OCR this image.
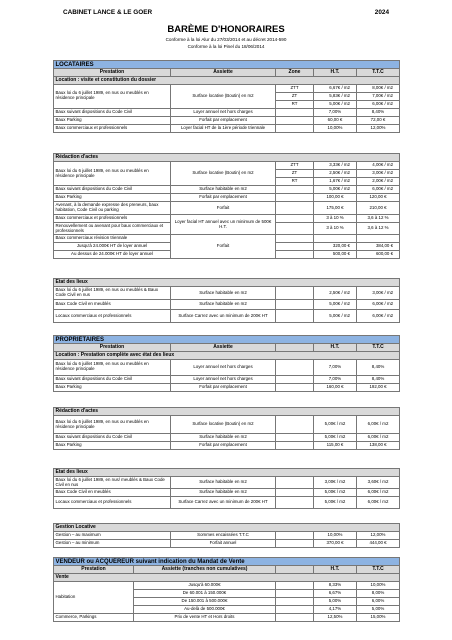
CABINET LANCE & LE GOER	2024
BARÈME D'HONORAIRES
Conforme à la loi Alur du 27/03/2014 et au décret 2014-590
Conforme à la loi Pinel du 18/06/2014
LOCATAIRES				
Prestation	Assiette	Zone	H.T.	T.T.C
Location : visite et constitution du dossier				
Baux loi du 6 juillet 1989, en nus ou meublés en résidence principale	Surface locative (Boutin) en m2	ZTT	6,67€ / m2	8,00€ / m2
		ZT	5,83€ / m2	7,00€ / m2
		RT	5,00€ / m2	6,00€ / m2
Baux suivant dispositions du Code Civil	Loyer annuel net hors charges		7,00%	8,40%
Baux Parking	Forfait par emplacement		60,00 €	72,00 €
Baux commerciaux et professionnels	Loyer facial HT de la 1ère période triennale		10,00%	12,00%
Rédaction d'actes				
Baux loi du 6 juillet 1989, en nus ou meublés en résidence principale	Surface locative (Boutin) en m2	ZTT	3,33€ / m2	4,00€ / m2
		ZT	2,50€ / m2	3,00€ / m2
		RT	1,67€ / m2	2,00€ / m2
Baux suivant dispositions du Code Civil	Surface habitable en m2		5,00€ / m2	6,00€ / m2
Baux Parking	Forfait par emplacement		100,00 €	120,00 €
Avenant, à la demande expresse des preneurs, baux habitation, Code Civil ou parking	Forfait		175,00 €	210,00 €
Baux commerciaux et professionnels	Loyer facial HT annuel avec un minimum de 500€ H.T.		3 à 10 %	3,6 à 12 %
Renouvellement ou avenant pour baux commerciaux et professionnels			3 à 10 %	3,6 à 12 %
Baux commerciaux révision triennale	Forfait			
Jusqu'à 24.000€ HT de loyer annuel			320,00 €	384,00 €
Au dessus de 24.000€ HT de loyer annuel			500,00 €	600,00 €
État des lieux				
Baux loi du 6 juillet 1989, en nus ou meublés & Baux Code Civil en nus	Surface habitable en m2		2,50€ / m2	3,00€ / m2
Baux Code Civil en meublés	Surface habitable en m2		5,00€ / m2	6,00€ / m2
Locaux commerciaux et professionnels	Surface Carrez avec un minimum de 200€ HT		5,00€ / m2	6,00€ / m2
PROPRIÉTAIRES				
Prestation	Assiette		H.T.	T.T.C
Location : Prestation complète avec état des lieux				
Baux loi du 6 juillet 1989, en nus ou meublés en résidence principale	Loyer annuel net hors charges		7,00%	8,40%
Baux suivant dispositions du Code Civil	Loyer annuel net hors charges		7,00%	8,40%
Baux Parking	Forfait par emplacement		160,00 €	192,00 €
Rédaction d'actes				
Baux loi du 6 juillet 1989, en nus ou meublés en résidence principale	Surface locative (Boutin) en m2		5,00€ / m2	6,00€ / m2
Baux suivant dispositions du Code Civil	Surface habitable en m2		5,00€ / m2	6,00€ / m2
Baux Parking	Forfait par emplacement		115,00 €	138,00 €
État des lieux				
Baux loi du 6 juillet 1989, en nus/ meublés & Baux Code Civil en nus	Surface habitable en m2		3,00€ / m2	3,60€ / m2
Baux Code Civil en meublés	Surface habitable en m2		5,00€ / m2	6,00€ / m2
Locaux commerciaux et professionnels	Surface Carrez avec un minimum de 200€ HT		5,00€ / m2	6,00€ / m2
Gestion Locative				
Gestion – au maximum	Sommes encaissées T.T.C		10,00%	12,00%
Gestion – au minimum	Forfait annuel		370,00 €	444,00 €
VENDEUR ou ACQUÉREUR suivant indication du Mandat de Vente				
Prestation	Assiette (tranches non cumulatives)		H.T.	T.T.C
Vente				
Habitation	Jusqu'à 60.000€		8,33%	10,00%
	De 60.001 à 150.000€		6,67%	8,00%
	De 150.001 à 500.000€		5,00%	6,00%
	Au-delà de 500.000€		4,17%	5,00%
Commerce, Parkings	Prix de vente HT et Hors droits		12,50%	15,00%
